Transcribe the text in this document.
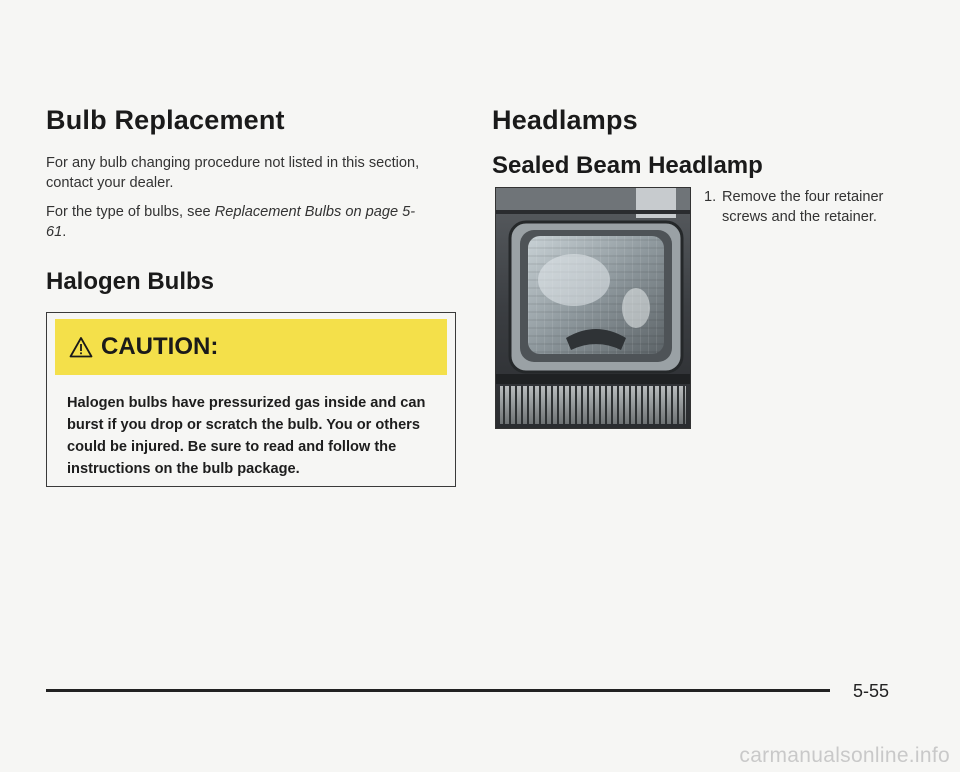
Bulb Replacement

For any bulb changing procedure not listed in this section, contact your dealer.

For the type of bulbs, see Replacement Bulbs on page 5-61.

Halogen Bulbs
CAUTION:
Halogen bulbs have pressurized gas inside and can burst if you drop or scratch the bulb. You or others could be injured. Be sure to read and follow the instructions on the bulb package.
Headlamps
Sealed Beam Headlamp
1. Remove the four retainer screws and the retainer.
5-55
carmanualsonline.info
